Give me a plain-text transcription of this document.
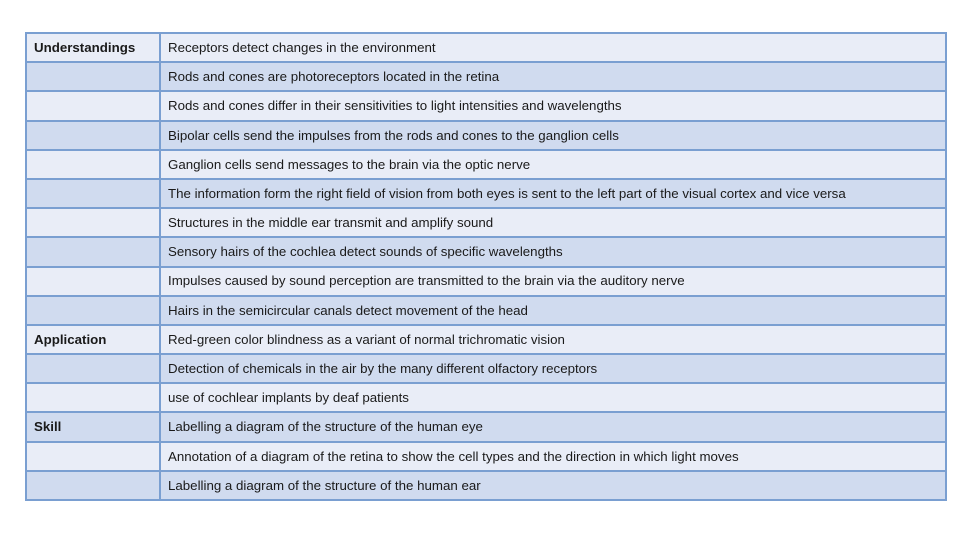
Understandings	Receptors detect changes in the environment
	Rods and cones are photoreceptors located in the retina
	Rods and cones differ in their sensitivities to light intensities and wavelengths
	Bipolar cells send the impulses from the rods and cones to the ganglion cells
	Ganglion cells send messages to the brain via the optic nerve
	The information form the right field of vision from both eyes is sent to the left part of the visual cortex and vice versa
	Structures in the middle ear transmit and amplify sound
	Sensory hairs of the cochlea detect sounds of specific wavelengths
	Impulses caused by sound perception are transmitted to the brain via the auditory nerve
	Hairs in the semicircular canals detect movement of the head
Application	Red-green color blindness as a variant of normal trichromatic vision
	Detection of chemicals in the air by the many different olfactory receptors
	use of cochlear implants by deaf patients
Skill	Labelling a diagram of the structure of the human eye
	Annotation of a diagram of the retina to show the cell types and the direction in which light moves
	Labelling a diagram of the structure of the human ear
